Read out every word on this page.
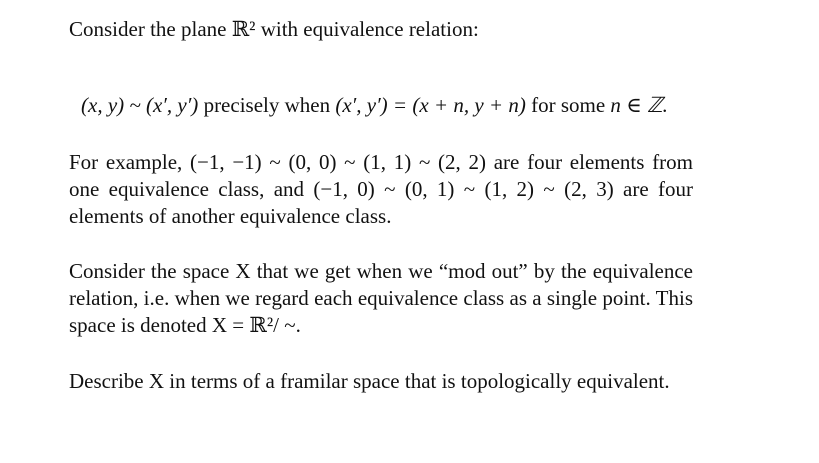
Consider the plane ℝ² with equivalence relation:
(x, y) ~ (x′, y′) precisely when (x′, y′) = (x + n, y + n) for some n ∈ ℤ.
For example, (−1, −1) ~ (0, 0) ~ (1, 1) ~ (2, 2) are four elements from
one equivalence class, and (−1, 0) ~ (0, 1) ~ (1, 2) ~ (2, 3) are four
elements of another equivalence class.
Consider the space X that we get when we “mod out” by the equivalence
relation, i.e. when we regard each equivalence class as a single point. This
space is denoted X = ℝ²/ ~.
Describe X in terms of a framilar space that is topologically equivalent.
